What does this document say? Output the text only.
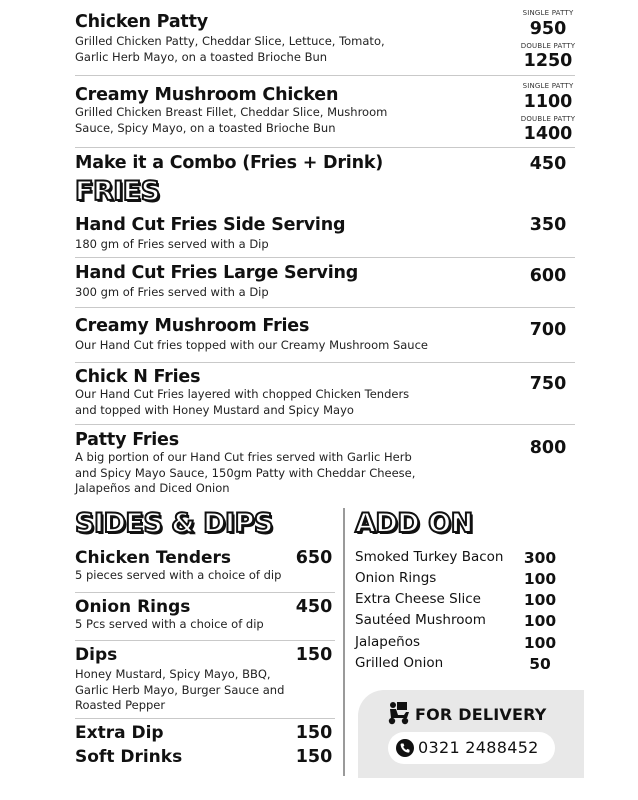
Chicken Patty
Grilled Chicken Patty, Cheddar Slice, Lettuce, Tomato,
Garlic Herb Mayo, on a toasted Brioche Bun
SINGLE PATTY
950
DOUBLE PATTY
1250
Creamy Mushroom Chicken
Grilled Chicken Breast Fillet, Cheddar Slice, Mushroom
Sauce, Spicy Mayo, on a toasted Brioche Bun
SINGLE PATTY
1100
DOUBLE PATTY
1400
Make it a Combo (Fries + Drink)	450
FRIES
Hand Cut Fries Side Serving
180 gm of Fries served with a Dip
350
Hand Cut Fries Large Serving
300 gm of Fries served with a Dip
600
Creamy Mushroom Fries
Our Hand Cut fries topped with our Creamy Mushroom Sauce
700
Chick N Fries
Our Hand Cut Fries layered with chopped Chicken Tenders
and topped with Honey Mustard and Spicy Mayo
750
Patty Fries
A big portion of our Hand Cut fries served with Garlic Herb
and Spicy Mayo Sauce, 150gm Patty with Cheddar Cheese,
Jalapeños and Diced Onion
800
SIDES & DIPS
Chicken Tenders
5 pieces served with a choice of dip
650
Onion Rings
5 Pcs served with a choice of dip
450
Dips
Honey Mustard, Spicy Mayo, BBQ,
Garlic Herb Mayo, Burger Sauce and
Roasted Pepper
150
Extra Dip	150
Soft Drinks	150
ADD ON
Smoked Turkey Bacon	300
Onion Rings	100
Extra Cheese Slice	100
Sautéed Mushroom	100
Jalapeños	100
Grilled Onion	50
FOR DELIVERY
0321 2488452
